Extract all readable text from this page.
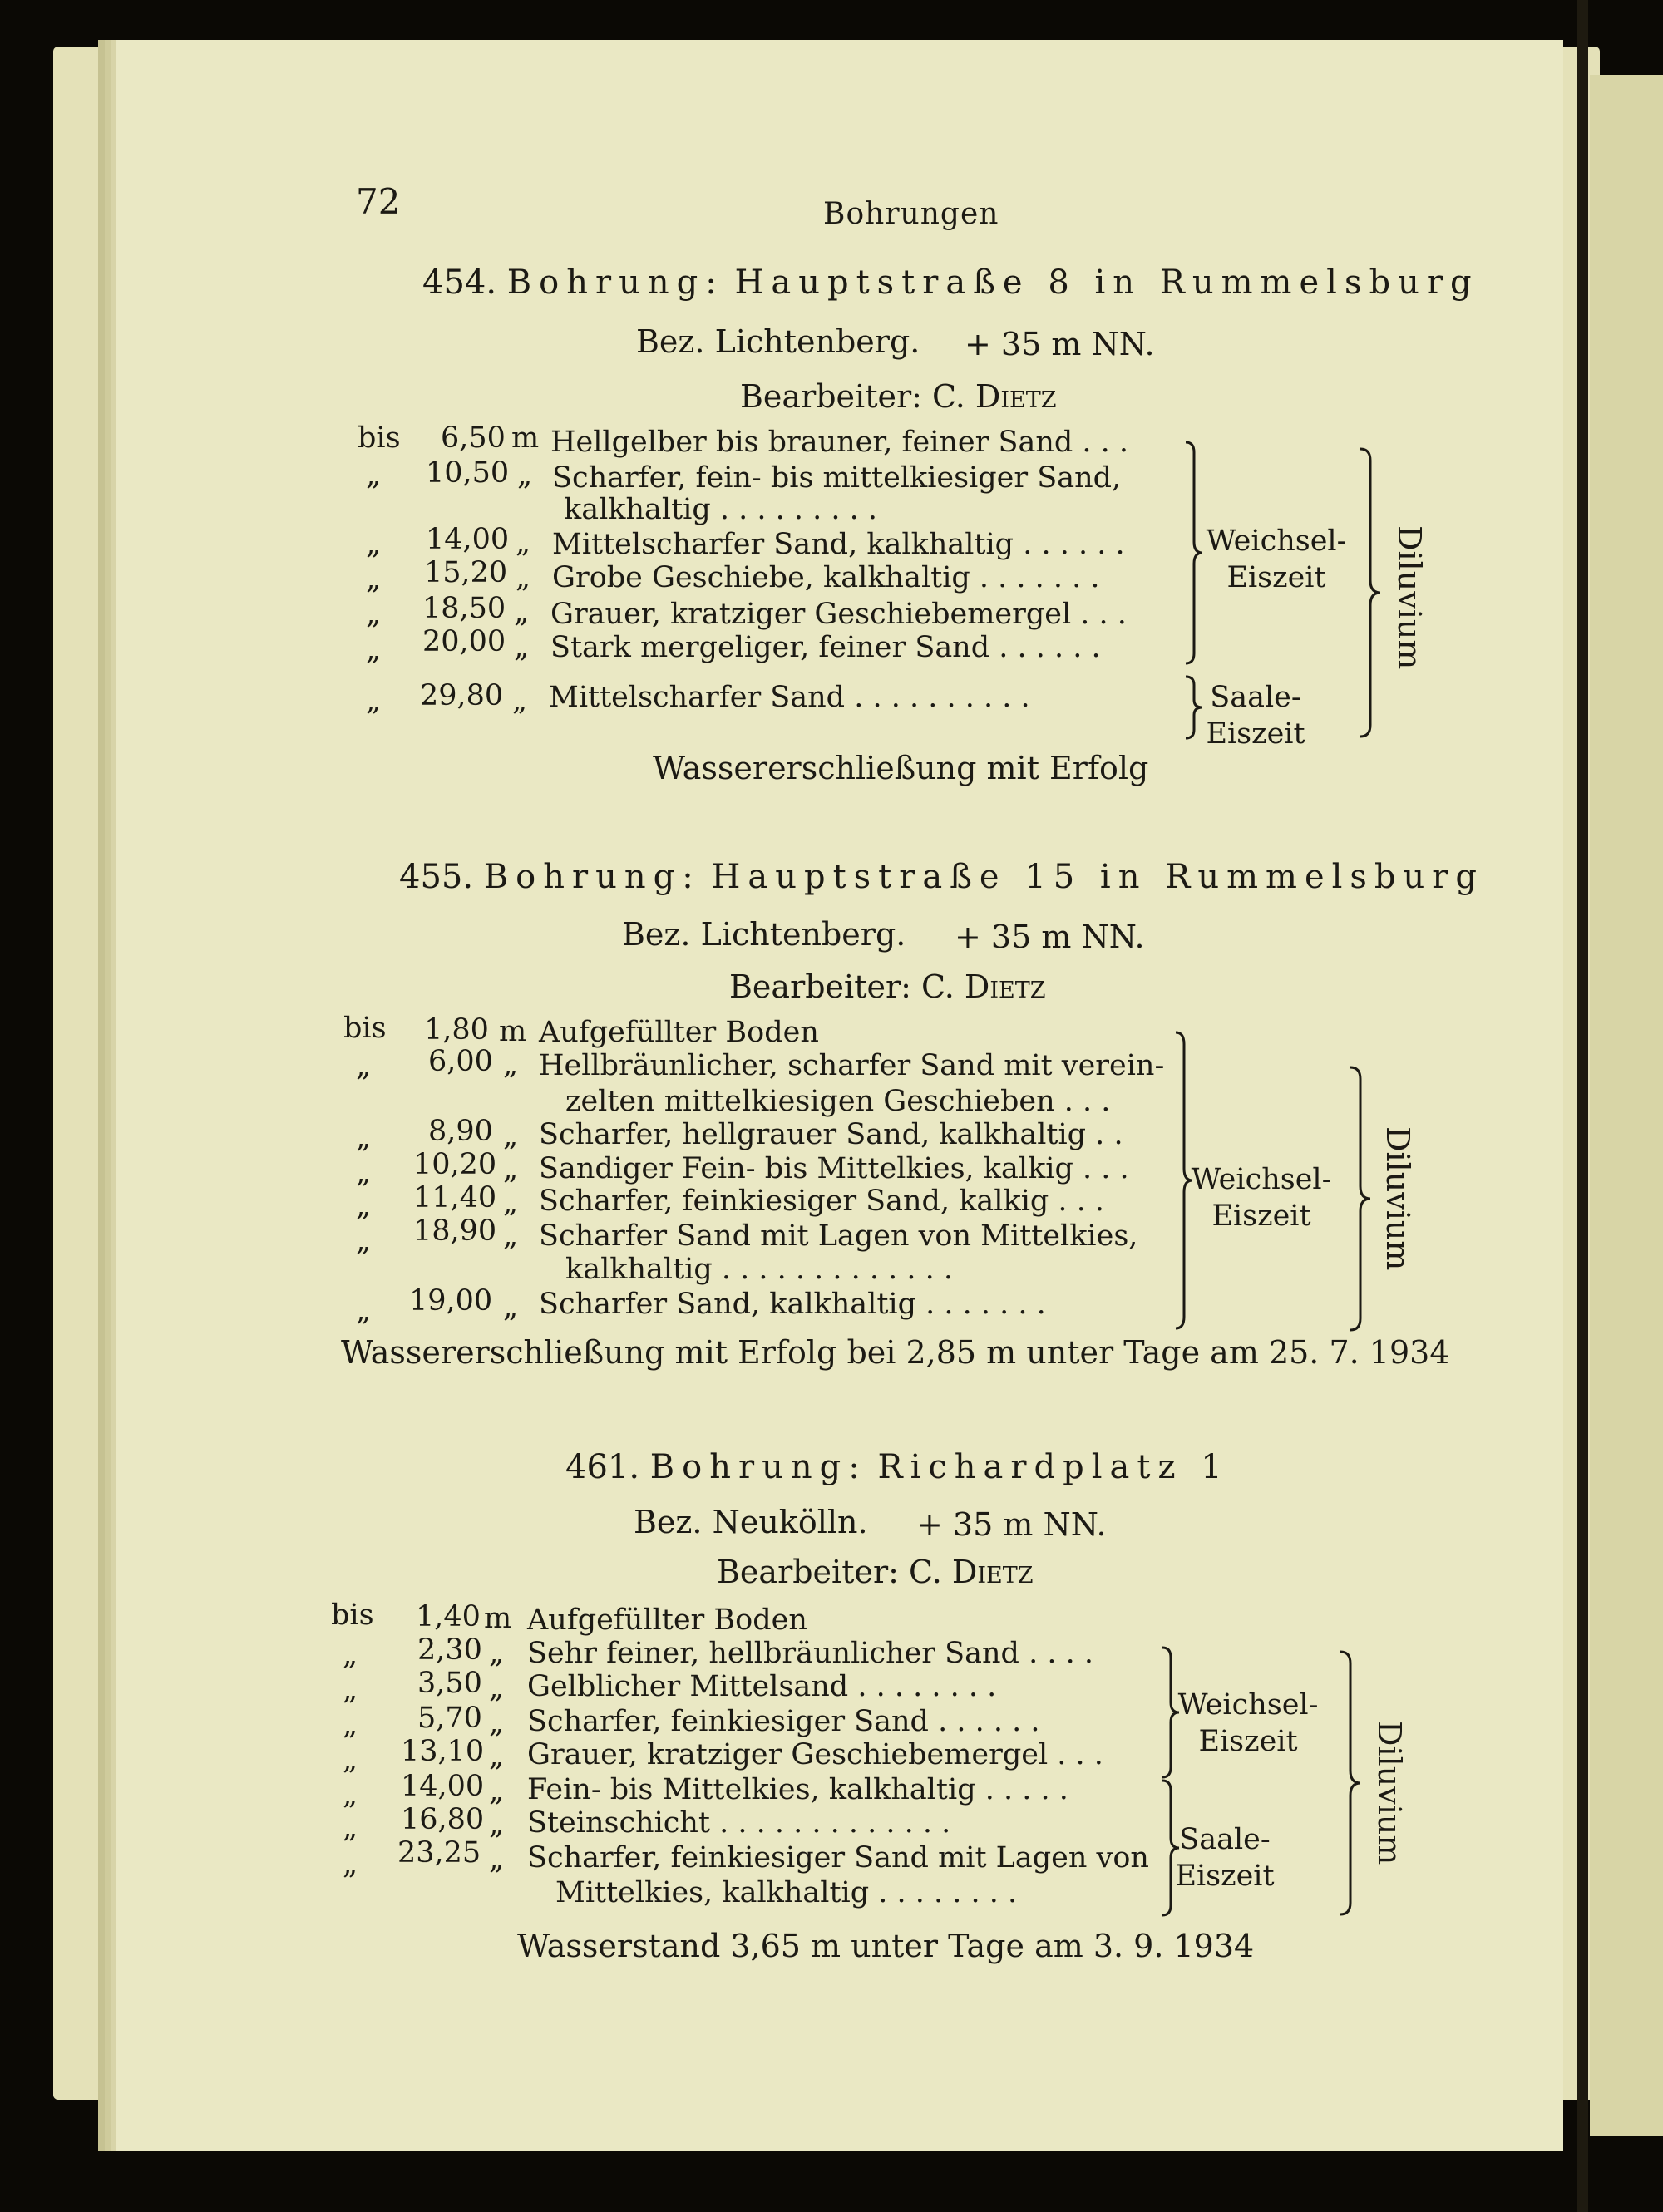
72	Bohrungen
454. Bohrung: Hauptstraße 8 in Rummelsburg
Bez. Lichtenberg. + 35 m NN.
Bearbeiter: C. Dietz
bis 6,50 m Hellgelber bis brauner, feiner Sand . . .
„ 10,50 „ Scharfer, fein- bis mittelkiesiger Sand,
kalkhaltig . . . . . . . . .
„ 14,00 „ Mittelscharfer Sand, kalkhaltig . . . . . .
„ 15,20 „ Grobe Geschiebe, kalkhaltig . . . . . . .
„ 18,50 „ Grauer, kratziger Geschiebemergel . . .
„ 20,00 „ Stark mergeliger, feiner Sand . . . . . .
„ 29,80 „ Mittelscharfer Sand . . . . . . . . . .
Weichsel-
Eiszeit
Saale-
Eiszeit
Diluvium
Wassererschließung mit Erfolg
455. Bohrung: Hauptstraße 15 in Rummelsburg
Bez. Lichtenberg. + 35 m NN.
Bearbeiter: C. Dietz
bis 1,80 m Aufgefüllter Boden
„ 6,00 „ Hellbräunlicher, scharfer Sand mit verein-
zelten mittelkiesigen Geschieben . . .
„ 8,90 „ Scharfer, hellgrauer Sand, kalkhaltig . .
„ 10,20 „ Sandiger Fein- bis Mittelkies, kalkig . . .
„ 11,40 „ Scharfer, feinkiesiger Sand, kalkig . . .
„ 18,90 „ Scharfer Sand mit Lagen von Mittelkies,
kalkhaltig . . . . . . . . . . . . .
„ 19,00 „ Scharfer Sand, kalkhaltig . . . . . . .
Weichsel-
Eiszeit	Diluvium
Wassererschließung mit Erfolg bei 2,85 m unter Tage am 25. 7. 1934
461. Bohrung: Richardplatz 1
Bez. Neukölln. + 35 m NN.
Bearbeiter: C. Dietz
bis 1,40 m Aufgefüllter Boden
„ 2,30 „ Sehr feiner, hellbräunlicher Sand . . . .
„ 3,50 „ Gelblicher Mittelsand . . . . . . . .
„ 5,70 „ Scharfer, feinkiesiger Sand . . . . . .
„ 13,10 „ Grauer, kratziger Geschiebemergel . . .
„ 14,00 „ Fein- bis Mittelkies, kalkhaltig . . . . .
„ 16,80 „ Steinschicht . . . . . . . . . . . . .
„ 23,25 „ Scharfer, feinkiesiger Sand mit Lagen von
Mittelkies, kalkhaltig . . . . . . . .
Weichsel-
Eiszeit
Saale-
Eiszeit
Diluvium
Wasserstand 3,65 m unter Tage am 3. 9. 1934
